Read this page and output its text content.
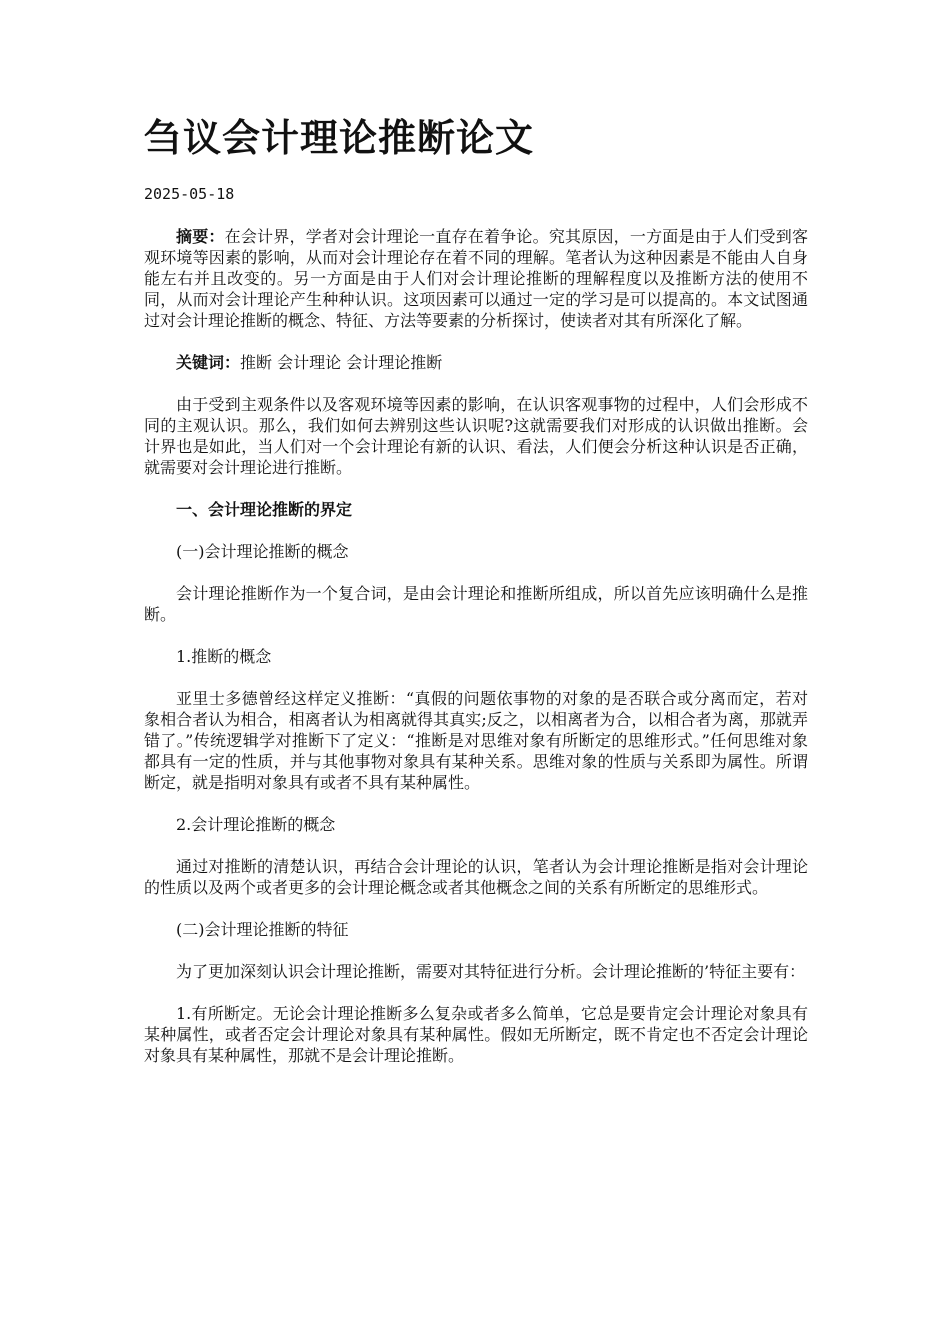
刍议会计理论推断论文
2025-05-18

摘要：在会计界，学者对会计理论一直存在着争论。究其原因，一方面是由于人们受到客观环境等因素的影响，从而对会计理论存在着不同的理解。笔者认为这种因素是不能由人自身能左右并且改变的。另一方面是由于人们对会计理论推断的理解程度以及推断方法的使用不同，从而对会计理论产生种种认识。这项因素可以通过一定的学习是可以提高的。本文试图通过对会计理论推断的概念、特征、方法等要素的分析探讨，使读者对其有所深化了解。

关键词：推断 会计理论 会计理论推断

由于受到主观条件以及客观环境等因素的影响，在认识客观事物的过程中，人们会形成不同的主观认识。那么，我们如何去辨别这些认识呢?这就需要我们对形成的认识做出推断。会计界也是如此，当人们对一个会计理论有新的认识、看法，人们便会分析这种认识是否正确，就需要对会计理论进行推断。

一、会计理论推断的界定

(一)会计理论推断的概念

会计理论推断作为一个复合词，是由会计理论和推断所组成，所以首先应该明确什么是推断。

1.推断的概念

亚里士多德曾经这样定义推断：“真假的问题依事物的对象的是否联合或分离而定，若对象相合者认为相合，相离者认为相离就得其真实;反之，以相离者为合，以相合者为离，那就弄错了。”传统逻辑学对推断下了定义：“推断是对思维对象有所断定的思维形式。”任何思维对象都具有一定的性质，并与其他事物对象具有某种关系。思维对象的性质与关系即为属性。所谓断定，就是指明对象具有或者不具有某种属性。

2.会计理论推断的概念

通过对推断的清楚认识，再结合会计理论的认识，笔者认为会计理论推断是指对会计理论的性质以及两个或者更多的会计理论概念或者其他概念之间的关系有所断定的思维形式。

(二)会计理论推断的特征

为了更加深刻认识会计理论推断，需要对其特征进行分析。会计理论推断的’特征主要有：

1.有所断定。无论会计理论推断多么复杂或者多么简单，它总是要肯定会计理论对象具有某种属性，或者否定会计理论对象具有某种属性。假如无所断定，既不肯定也不否定会计理论对象具有某种属性，那就不是会计理论推断。
